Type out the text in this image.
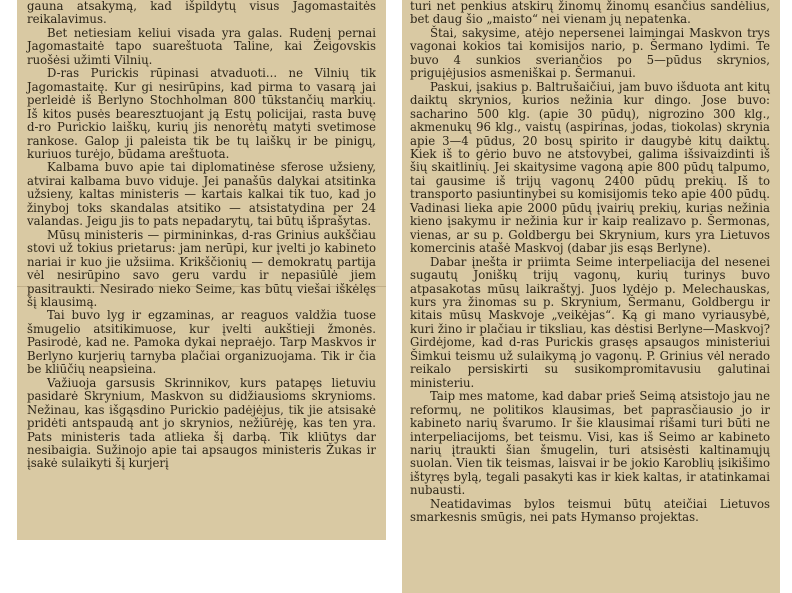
gauna atsakymą, kad išpildytų visus Jagomastaitės reikalavimus.

Bet netiesiam keliui visada yra galas. Rudenį pernai Jagomastaitė tapo suareštuota Taline, kai Žeigovskis ruošėsi užimti Vilnių.

D-ras Purickis rūpinasi atvaduoti... ne Vilnių tik Jagomastaitę. Kur gi nesirūpins, kad pirma to vasarą jai perleidė iš Berlyno Stochholman 800 tūkstančių markių. Iš kitos pusės bearesztuojant ją Estų policijai, rasta buvę d-ro Purickio laiškų, kurių jis nenorėtų matyti svetimose rankose. Galop ji paleista tik be tų laiškų ir be pinigų, kuriuos turėjo, būdama areštuota.

Kalbama buvo apie tai diplomatinėse sferose užsieny, atvirai kalbama buvo viduje. Jei panašūs dalykai atsitinka užsieny, kaltas ministeris — kartais kalkai tik tuo, kad jo žinyboj toks skandalas atsitiko — atsistatydina per 24 valandas. Jeigu jis to pats nepadarytų, tai būtų išprašytas.

Mūsų ministeris — pirmininkas, d-ras Grinius aukščiau stovi už tokius prietarus: jam nerūpi, kur įvelti jo kabineto nariai ir kuo jie užsiima. Krikščionių — demokratų partija vėl nesirūpino savo geru vardu ir nepasiūlė jiem pasitraukti. Nesirado nieko Seime, kas būtų viešai iškėlęs šį klausimą.

Tai buvo lyg ir egzaminas, ar reaguos valdžia tuose šmugelio atsitikimuose, kur įvelti aukštieji žmonės. Pasirodė, kad ne. Pamoka dykai nepraėjo. Tarp Maskvos ir Berlyno kurjerių tarnyba plačiai organizuojama. Tik ir čia be kliūčių neapsieina.

Važiuoja garsusis Skrinnikov, kurs patapęs lietuviu pasidarė Skrynium, Maskvon su didžiausioms skrynioms. Nežinau, kas išgąsdino Purickio padėjėjus, tik jie atsisakė pridėti antspaudą ant jo skrynios, nežiūrėję, kas ten yra. Pats ministeris tada atlieka šį darbą. Tik kliūtys dar nesibaigia. Sužinojo apie tai apsaugos ministeris Žukas ir įsakė sulaikyti šį kurjerį

turi net penkius atskirų žinomų žinomų esančius sandėlius, bet daug šio „maisto“ nei vienam jų nepatenka.

Štai, sakysime, atėjo nepersenei laimingai Maskvon trys vagonai kokios tai komisijos nario, p. Šermano lydimi. Te buvo 4 sunkios sveriančios po 5—pūdus skrynios, priguįėjusios asmeniškai p. Šermanui.

Paskui, įsakius p. Baltrušaičiui, jam buvo išduota ant kitų daiktų skrynios, kurios nežinia kur dingo. Jose buvo: sacharino 500 klg. (apie 30 pūdų), nigrozino 300 klg., akmenukų 96 klg., vaistų (aspirinas, jodas, tiokolas) skrynia apie 3—4 pūdus, 20 bosų spirito ir daugybė kitų daiktų. Kiek iš to gėrio buvo ne atstovybei, galima išsivaizdinti iš šių skaitlinių. Jei skaitysime vagoną apie 800 pūdų talpumo, tai gausime iš trijų vagonų 2400 pūdų prekių. Iš to transporto pasiuntinybei su komisijomis teko apie 400 pūdų. Vadinasi lieka apie 2000 pūdų įvairių prekių, kurias nežinia kieno įsakymu ir nežinia kur ir kaip realizavo p. Šermonas, vienas, ar su p. Goldbergu bei Skrynium, kurs yra Lietuvos komercinis atašė Maskvoj (dabar jis esąs Berlyne).

Dabar įnešta ir priimta Seime interpeliacija del nesenei sugautų Joniškų trijų vagonų, kurių turinys buvo atpasakotas mūsų laikraštyj. Juos lydėjo p. Melechauskas, kurs yra žinomas su p. Skrynium, Šermanu, Goldbergu ir kitais mūsų Maskvoje „veikėjas“. Ką gi mano vyriausybė, kuri žino ir plačiau ir tiksliau, kas dėstisi Berlyne—Maskvoj? Girdėjome, kad d-ras Purickis grasęs apsaugos ministeriui Šimkui teismu už sulaikymą jo vagonų. P. Grinius vėl nerado reikalo persiskirti su susikompromitavusiu galutinai ministeriu.

Taip mes matome, kad dabar prieš Seimą atsistojo jau ne reformų, ne politikos klausimas, bet paprasčiausio jo ir kabineto narių švarumo. Ir šie klausimai rišami turi būti ne interpeliacijoms, bet teismu. Visi, kas iš Seimo ar kabineto narių įtraukti šian šmugelin, turi atsisėsti kaltinamųjų suolan. Vien tik teismas, laisvai ir be jokio Karoblių įsikišimo ištyręs bylą, tegali pasakyti kas ir kiek kaltas, ir atatinkamai nubausti.

Neatidavimas bylos teismui būtų ateičiai Lietuvos smarkesnis smūgis, nei pats Hymanso projektas.
